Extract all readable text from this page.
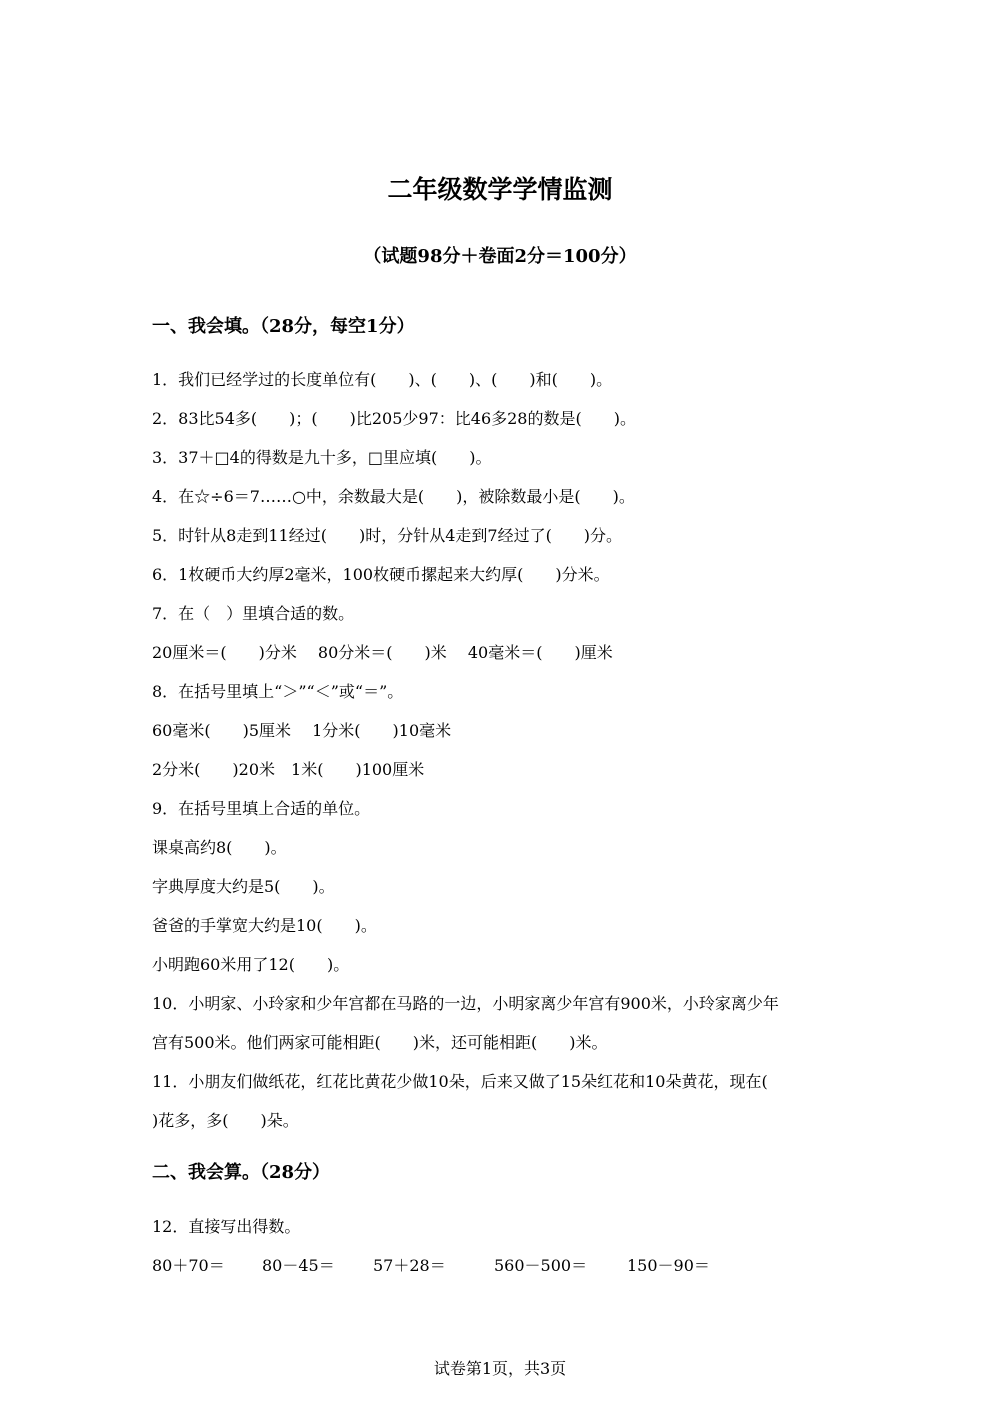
二年级数学学情监测
（试题98分＋卷面2分＝100分）
一、我会填。（28分，每空1分）
1．我们已经学过的长度单位有(　　)、(　　)、(　　)和(　　)。
2．83比54多(　　)；(　　)比205少97：比46多28的数是(　　)。
3．37＋□4的得数是九十多，□里应填(　　)。
4．在☆÷6＝7……○中，余数最大是(　　)，被除数最小是(　　)。
5．时针从8走到11经过(　　)时，分针从4走到7经过了(　　)分。
6．1枚硬币大约厚2毫米，100枚硬币摞起来大约厚(　　)分米。
7．在（　）里填合适的数。
20厘米＝(　　)分米　 80分米＝(　　)米　 40毫米＝(　　)厘米
8．在括号里填上“＞”“＜”或“＝”。
60毫米(　　)5厘米　 1分米(　　)10毫米
2分米(　　)20米　1米(　　)100厘米
9．在括号里填上合适的单位。
课桌高约8(　　)。
字典厚度大约是5(　　)。
爸爸的手掌宽大约是10(　　)。
小明跑60米用了12(　　)。
10．小明家、小玲家和少年宫都在马路的一边，小明家离少年宫有900米，小玲家离少年
宫有500米。他们两家可能相距(　　)米，还可能相距(　　)米。
11．小朋友们做纸花，红花比黄花少做10朵，后来又做了15朵红花和10朵黄花，现在(
)花多，多(　　)朵。
二、我会算。（28分）
12．直接写出得数。
80＋70＝ 80－45＝ 57＋28＝	560－500＝ 150－90＝
试卷第1页，共3页
